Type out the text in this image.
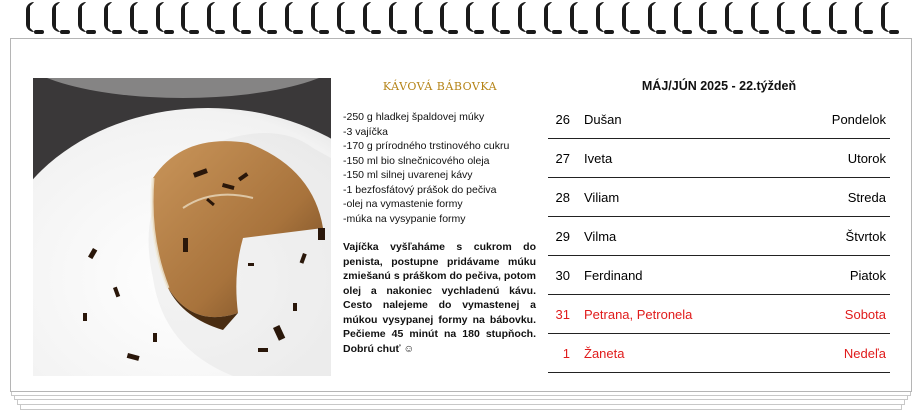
KÁVOVÁ BÁBOVKA
-250 g hladkej špaldovej múky
-3 vajíčka
-170 g prírodného trstinového cukru
-150 ml bio slnečnicového oleja
-150 ml silnej uvarenej kávy
-1 bezfosfátový prášok do pečiva
-olej na vymastenie formy
-múka na vysypanie formy

Vajíčka vyšľaháme s cukrom do penista, postupne pridávame múku zmiešanú s práškom do pečiva, potom olej a nakoniec vychladenú kávu. Cesto nalejeme do vymastenej a múkou vysypanej formy na bábovku. Pečieme 45 minút na 180 stupňoch. Dobrú chuť ☺

MÁJ/JÚN 2025 - 22.týždeň
26 Dušan	Pondelok
27 Iveta	Utorok
28 Viliam	Streda
29 Vilma	Štvrtok
30 Ferdinand	Piatok
31 Petrana, Petronela	Sobota
1 Žaneta	Nedeľa
